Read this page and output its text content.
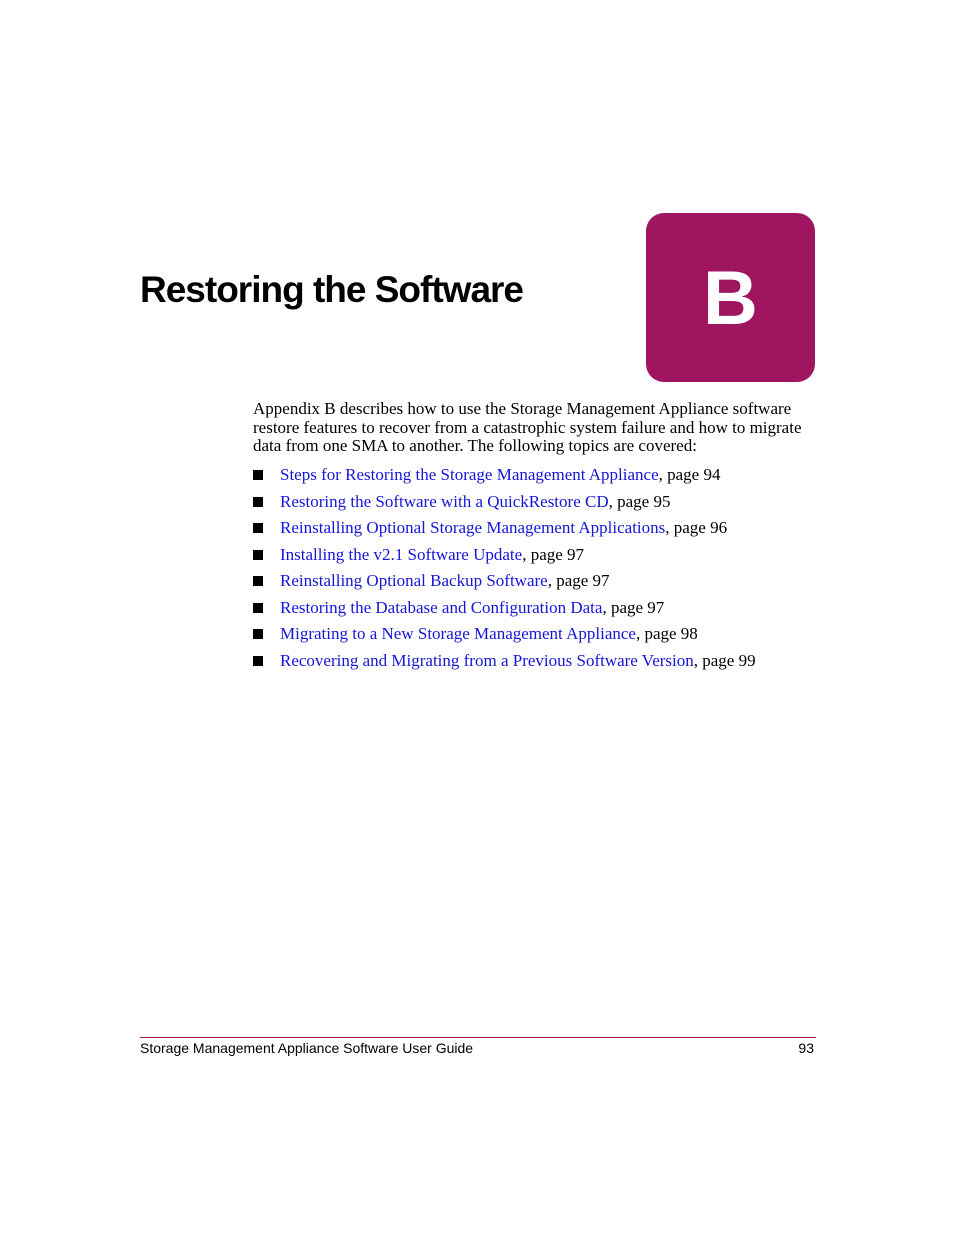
Restoring the Software B

Appendix B describes how to use the Storage Management Appliance software restore features to recover from a catastrophic system failure and how to migrate data from one SMA to another. The following topics are covered:

Steps for Restoring the Storage Management Appliance , page 94
Restoring the Software with a QuickRestore CD , page 95
Reinstalling Optional Storage Management Applications , page 96
Installing the v2.1 Software Update , page 97
Reinstalling Optional Backup Software , page 97
Restoring the Database and Configuration Data , page 97
Migrating to a New Storage Management Appliance , page 98
Recovering and Migrating from a Previous Software Version , page 99
Storage Management Appliance Software User Guide	93
